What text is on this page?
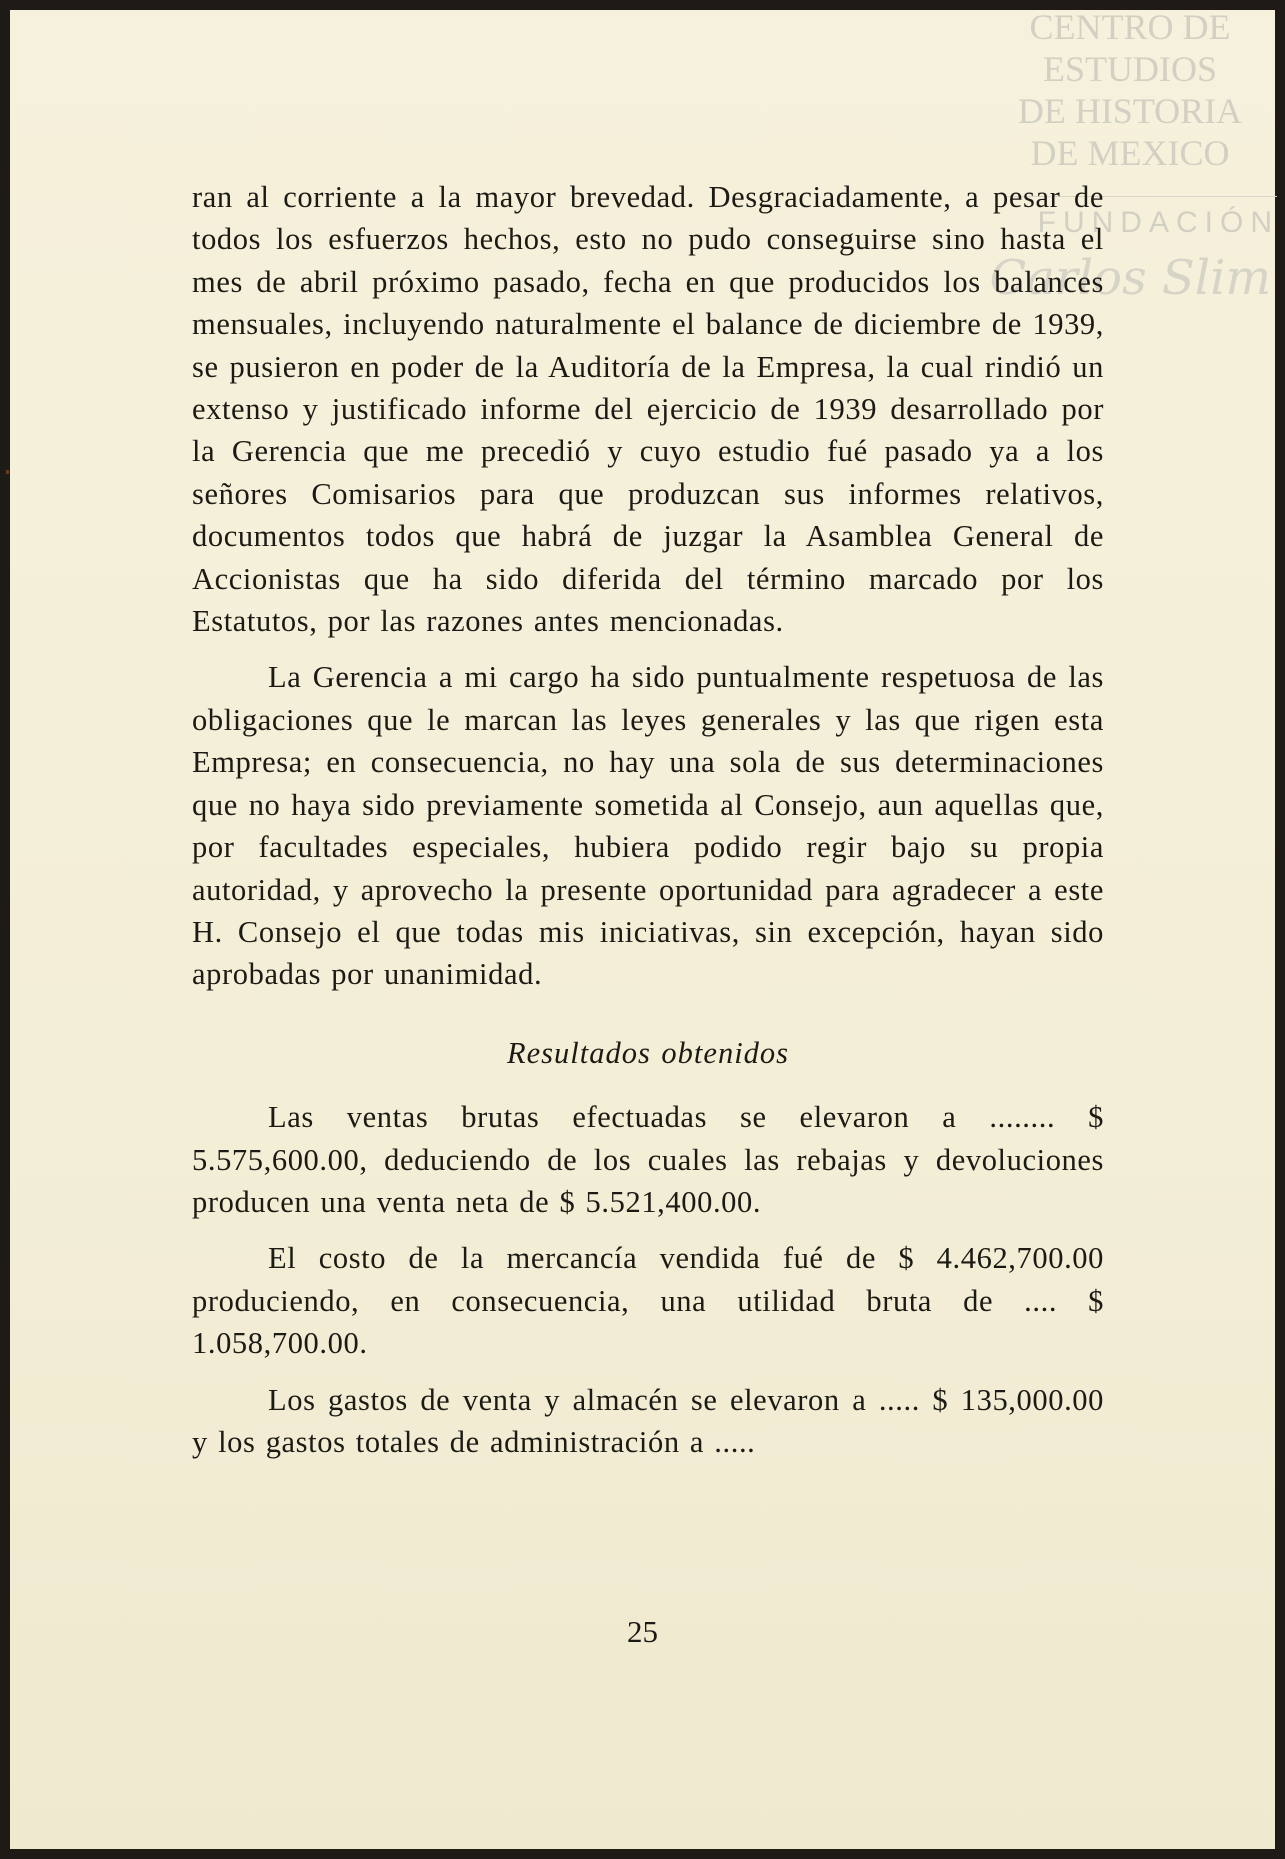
CENTRO DE
ESTUDIOS
DE HISTORIA
DE MEXICO
FUNDACIÓN
Carlos Slim

ran al corriente a la mayor brevedad. Desgraciadamente, a pesar de todos los esfuerzos hechos, esto no pudo conseguirse sino hasta el mes de abril próximo pasado, fecha en que producidos los balances mensuales, incluyendo naturalmente el balance de diciembre de 1939, se pusieron en poder de la Auditoría de la Empresa, la cual rindió un extenso y justificado informe del ejercicio de 1939 desarrollado por la Gerencia que me precedió y cuyo estudio fué pasado ya a los señores Comisarios para que produzcan sus informes relativos, documentos todos que habrá de juzgar la Asamblea General de Accionistas que ha sido diferida del término marcado por los Estatutos, por las razones antes mencionadas.

La Gerencia a mi cargo ha sido puntualmente respetuosa de las obligaciones que le marcan las leyes generales y las que rigen esta Empresa; en consecuencia, no hay una sola de sus determinaciones que no haya sido previamente sometida al Consejo, aun aquellas que, por facultades especiales, hubiera podido regir bajo su propia autoridad, y aprovecho la presente oportunidad para agradecer a este H. Consejo el que todas mis iniciativas, sin excepción, hayan sido aprobadas por unanimidad.

Resultados obtenidos

Las ventas brutas efectuadas se elevaron a ........ $ 5.575,600.00, deduciendo de los cuales las rebajas y devoluciones producen una venta neta de $ 5.521,400.00.

El costo de la mercancía vendida fué de $ 4.462,700.00 produciendo, en consecuencia, una utilidad bruta de .... $ 1.058,700.00.

Los gastos de venta y almacén se elevaron a ..... $ 135,000.00 y los gastos totales de administración a .....

25
